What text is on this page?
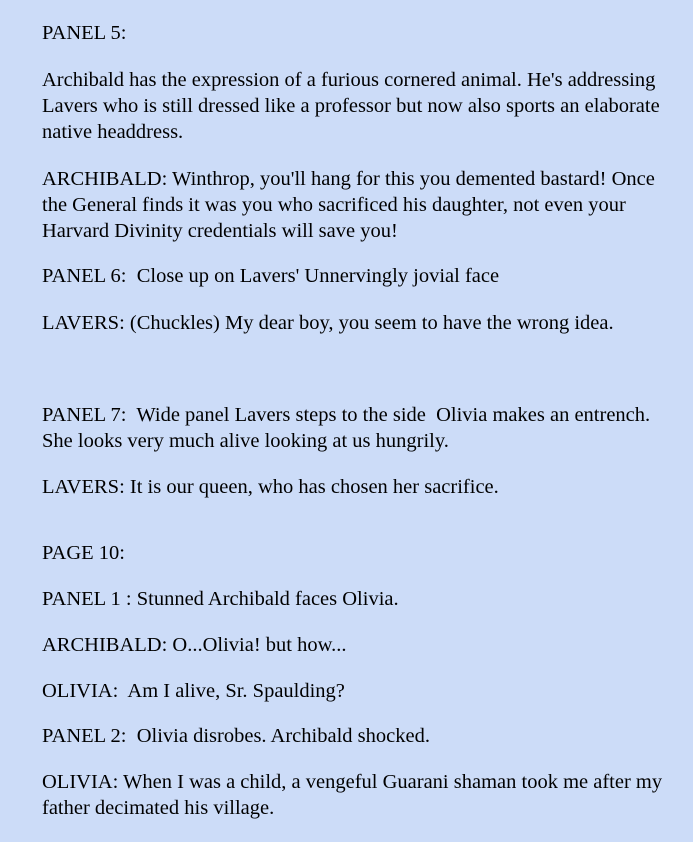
PANEL 5:

Archibald has the expression of a furious cornered animal. He's addressing Lavers who is still dressed like a professor but now also sports an elaborate native headdress.

ARCHIBALD: Winthrop, you'll hang for this you demented bastard! Once the General finds it was you who sacrificed his daughter, not even your Harvard Divinity credentials will save you!

PANEL 6:  Close up on Lavers' Unnervingly jovial face

LAVERS: (Chuckles) My dear boy, you seem to have the wrong idea.

PANEL 7:  Wide panel Lavers steps to the side  Olivia makes an entrench. She looks very much alive looking at us hungrily.

LAVERS: It is our queen, who has chosen her sacrifice.

PAGE 10:

PANEL 1 : Stunned Archibald faces Olivia.

ARCHIBALD: O...Olivia! but how...

OLIVIA:  Am I alive, Sr. Spaulding?

PANEL 2:  Olivia disrobes. Archibald shocked.

OLIVIA: When I was a child, a vengeful Guarani shaman took me after my father decimated his village.
